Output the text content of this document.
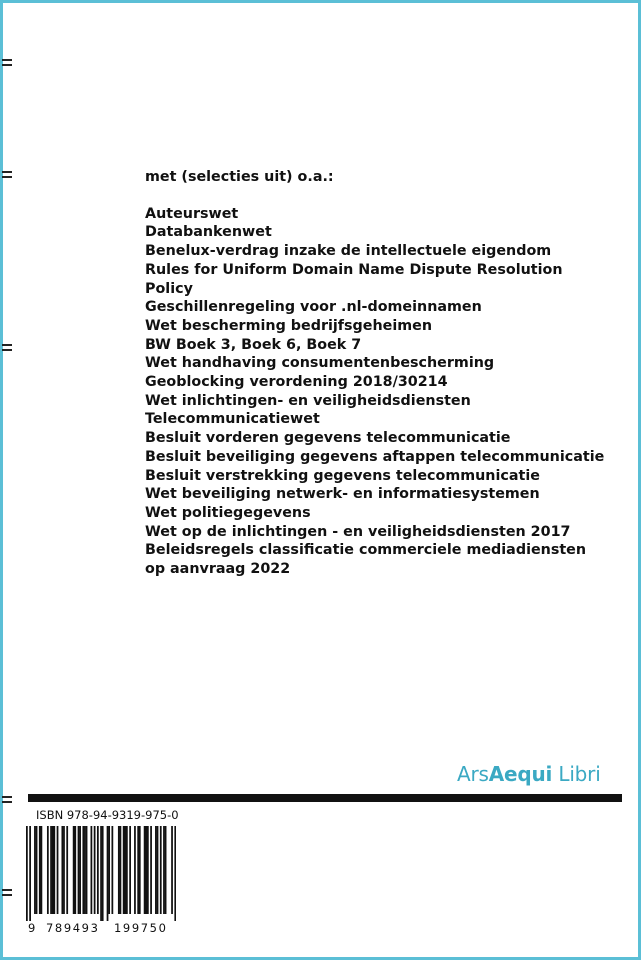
met (selecties uit) o.a.:

Auteurswet
Databankenwet
Benelux-verdrag inzake de intellectuele eigendom
Rules for Uniform Domain Name Dispute Resolution
Policy
Geschillenregeling voor .nl-domeinnamen
Wet bescherming bedrijfsgeheimen
BW Boek 3, Boek 6, Boek 7
Wet handhaving consumentenbescherming
Geoblocking verordening 2018/30214
Wet inlichtingen- en veiligheidsdiensten
Telecommunicatiewet
Besluit vorderen gegevens telecommunicatie
Besluit beveiliging gegevens aftappen telecommunicatie
Besluit verstrekking gegevens telecommunicatie
Wet beveiliging netwerk- en informatiesystemen
Wet politiegegevens
Wet op de inlichtingen - en veiligheidsdiensten 2017
Beleidsregels classificatie commerciele mediadiensten
op aanvraag 2022
ArsAequi Libri
ISBN 978-94-9319-975-0
9 789493 199750
